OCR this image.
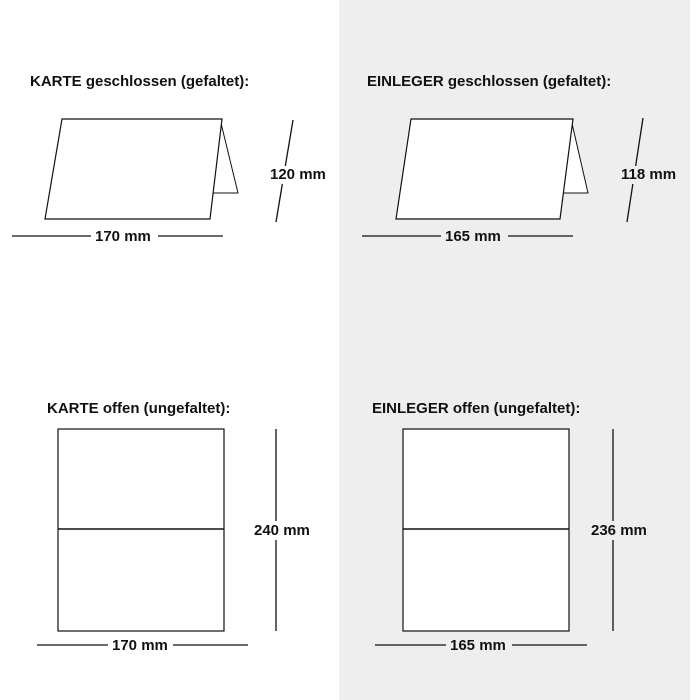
KARTE geschlossen (gefaltet):	EINLEGER geschlossen (gefaltet):
KARTE offen (ungefaltet):	EINLEGER offen (ungefaltet):
120 mm
170 mm
118 mm
165 mm
240 mm
170 mm
236 mm
165 mm
